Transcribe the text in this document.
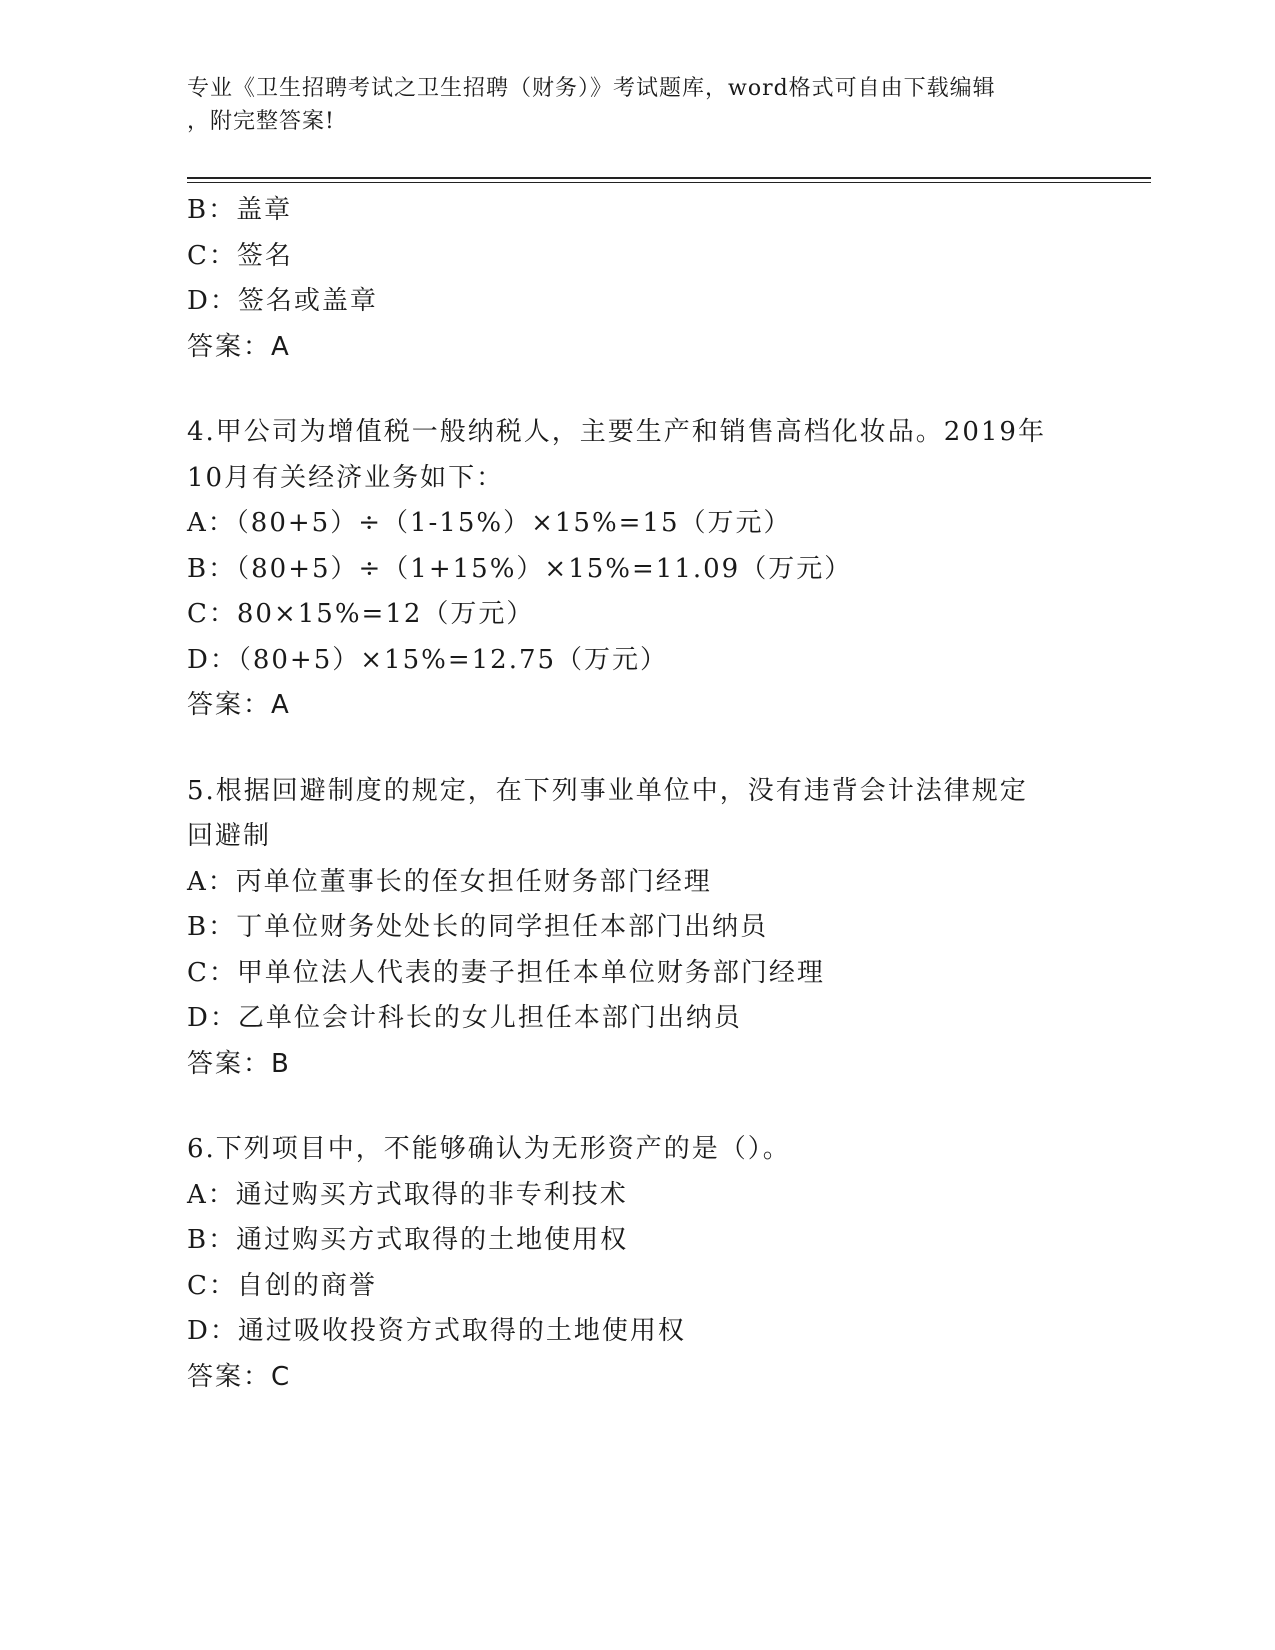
专业《卫生招聘考试之卫生招聘（财务）》考试题库，word格式可自由下载编辑
，附完整答案!
B：盖章
C：签名
D：签名或盖章
答案：A
4.甲公司为增值税一般纳税人，主要生产和销售高档化妆品。2019年
10月有关经济业务如下：
A：（80+5）÷（1-15%）×15%=15（万元）
B：（80+5）÷（1+15%）×15%=11.09（万元）
C：80×15%=12（万元）
D：（80+5）×15%=12.75（万元）
答案：A
5.根据回避制度的规定，在下列事业单位中，没有违背会计法律规定
回避制
A：丙单位董事长的侄女担任财务部门经理
B：丁单位财务处处长的同学担任本部门出纳员
C：甲单位法人代表的妻子担任本单位财务部门经理
D：乙单位会计科长的女儿担任本部门出纳员
答案：B
6.下列项目中，不能够确认为无形资产的是（）。
A：通过购买方式取得的非专利技术
B：通过购买方式取得的土地使用权
C：自创的商誉
D：通过吸收投资方式取得的土地使用权
答案：C
